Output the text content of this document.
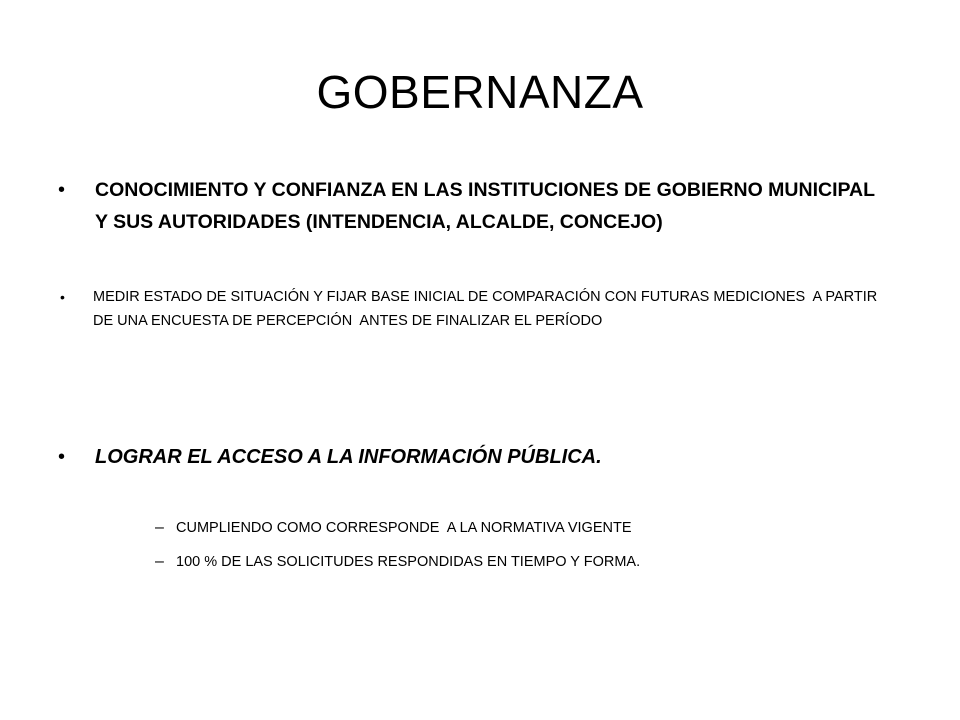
GOBERNANZA
•	CONOCIMIENTO Y CONFIANZA EN LAS INSTITUCIONES DE GOBIERNO MUNICIPAL Y SUS AUTORIDADES (INTENDENCIA, ALCALDE, CONCEJO)
•	MEDIR ESTADO DE SITUACIÓN Y FIJAR BASE INICIAL DE COMPARACIÓN CON FUTURAS MEDICIONES  A PARTIR DE UNA ENCUESTA DE PERCEPCIÓN  ANTES DE FINALIZAR EL PERÍODO
•	LOGRAR EL ACCESO A LA INFORMACIÓN PÚBLICA.
– CUMPLIENDO COMO CORRESPONDE  A LA NORMATIVA VIGENTE
– 100 % DE LAS SOLICITUDES RESPONDIDAS EN TIEMPO Y FORMA.
